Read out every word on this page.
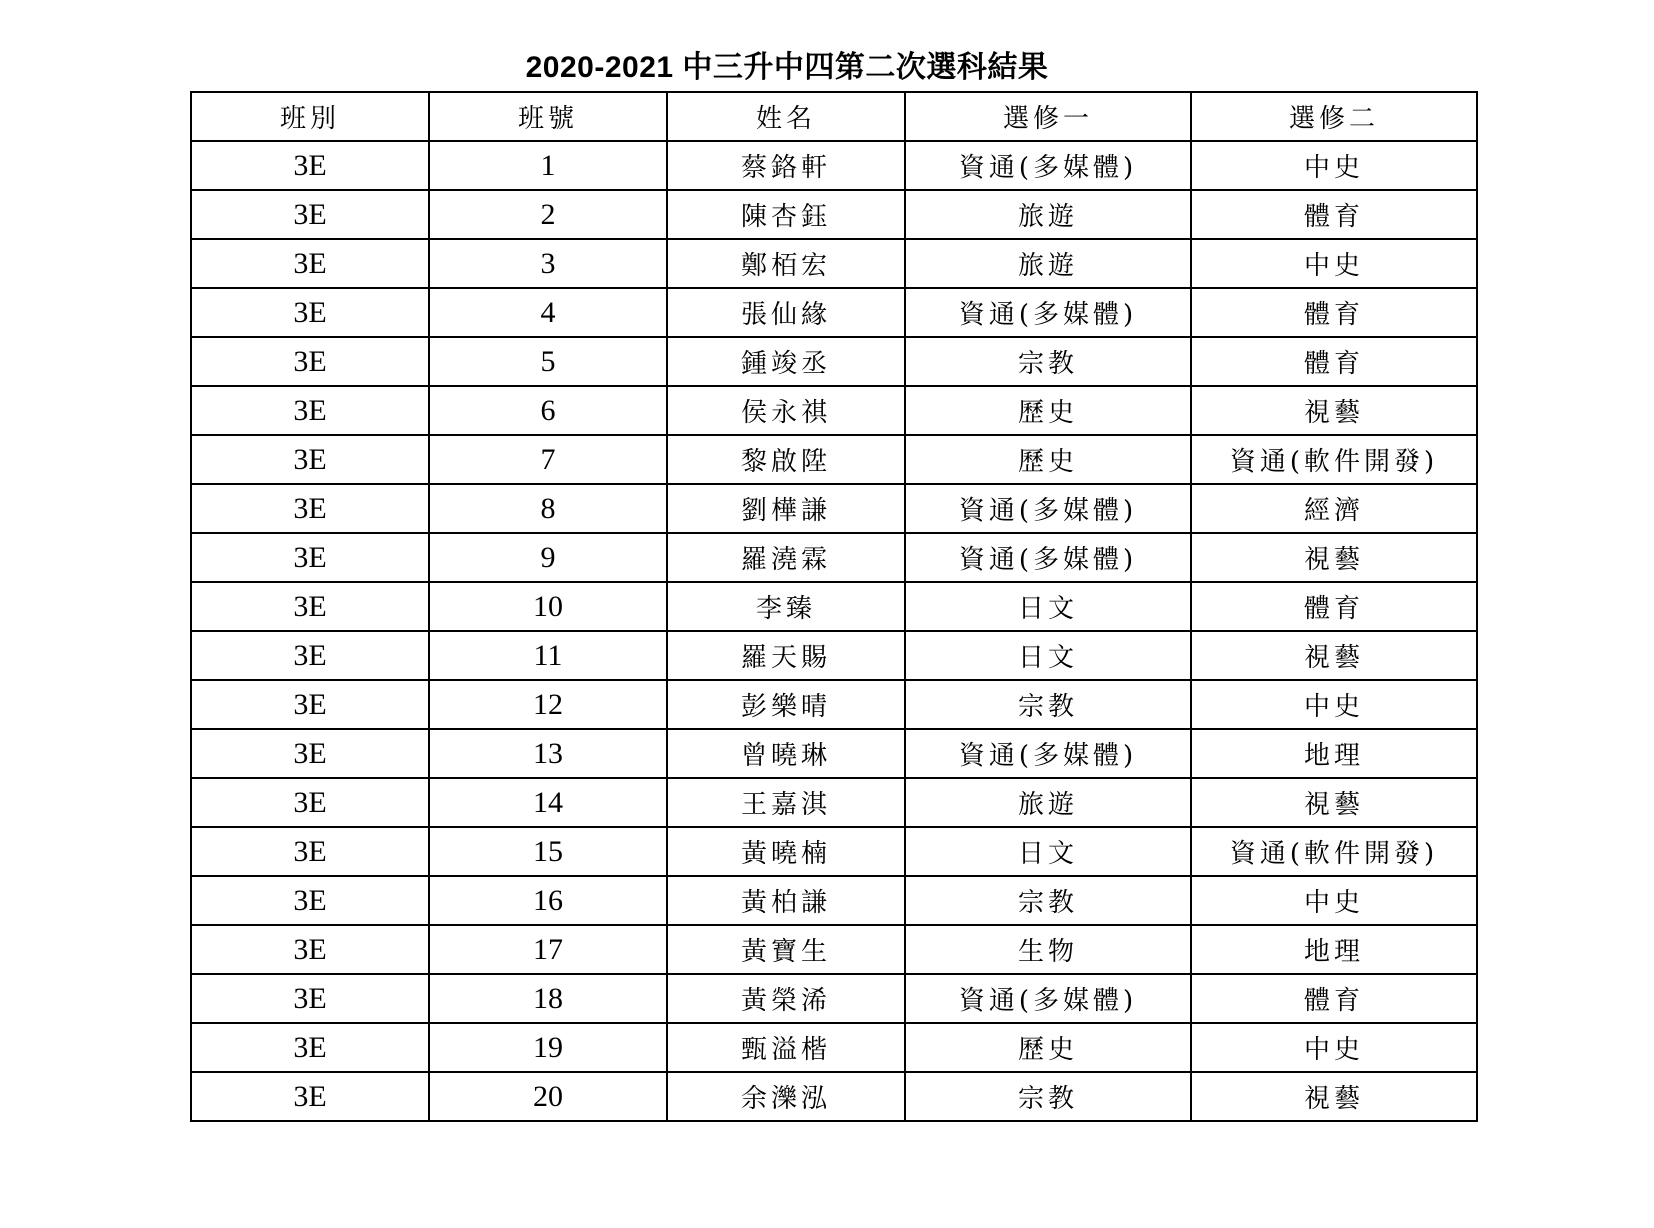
2020-2021 中三升中四第二次選科結果
班別	班號	姓名	選修一	選修二
3E	1	蔡鉻軒	資通(多媒體)	中史
3E	2	陳杏鈺	旅遊	體育
3E	3	鄭栢宏	旅遊	中史
3E	4	張仙緣	資通(多媒體)	體育
3E	5	鍾竣丞	宗教	體育
3E	6	侯永祺	歷史	視藝
3E	7	黎啟陞	歷史	資通(軟件開發)
3E	8	劉樺謙	資通(多媒體)	經濟
3E	9	羅澆霖	資通(多媒體)	視藝
3E	10	李臻	日文	體育
3E	11	羅天賜	日文	視藝
3E	12	彭樂晴	宗教	中史
3E	13	曾曉琳	資通(多媒體)	地理
3E	14	王嘉淇	旅遊	視藝
3E	15	黃曉楠	日文	資通(軟件開發)
3E	16	黃柏謙	宗教	中史
3E	17	黃寶生	生物	地理
3E	18	黃榮浠	資通(多媒體)	體育
3E	19	甄溢楷	歷史	中史
3E	20	余濼泓	宗教	視藝
